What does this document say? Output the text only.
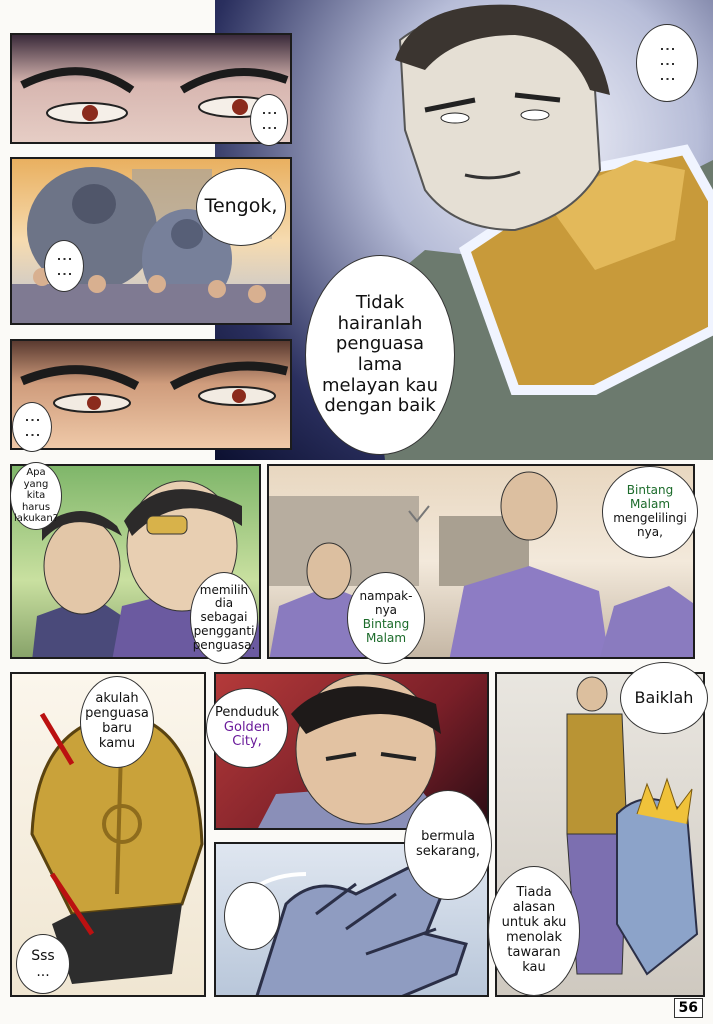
⋮⋮
⋮⋮⋮
Tengok,
⋮⋮
Tidak
hairanlah
penguasa
lama
melayan kau
dengan baik
⋮⋮
Apa
yang
kita
harus
lakukan?
memilih
dia
sebagai
pengganti
penguasa.
nampak-
nya
Bintang
Malam
Bintang
Malam
mengelilingi
nya,
akulah
penguasa
baru
kamu
Sss
...
Penduduk
Golden
City,
bermula
sekarang,
Baiklah
Tiada
alasan
untuk aku
menolak
tawaran
kau
56
